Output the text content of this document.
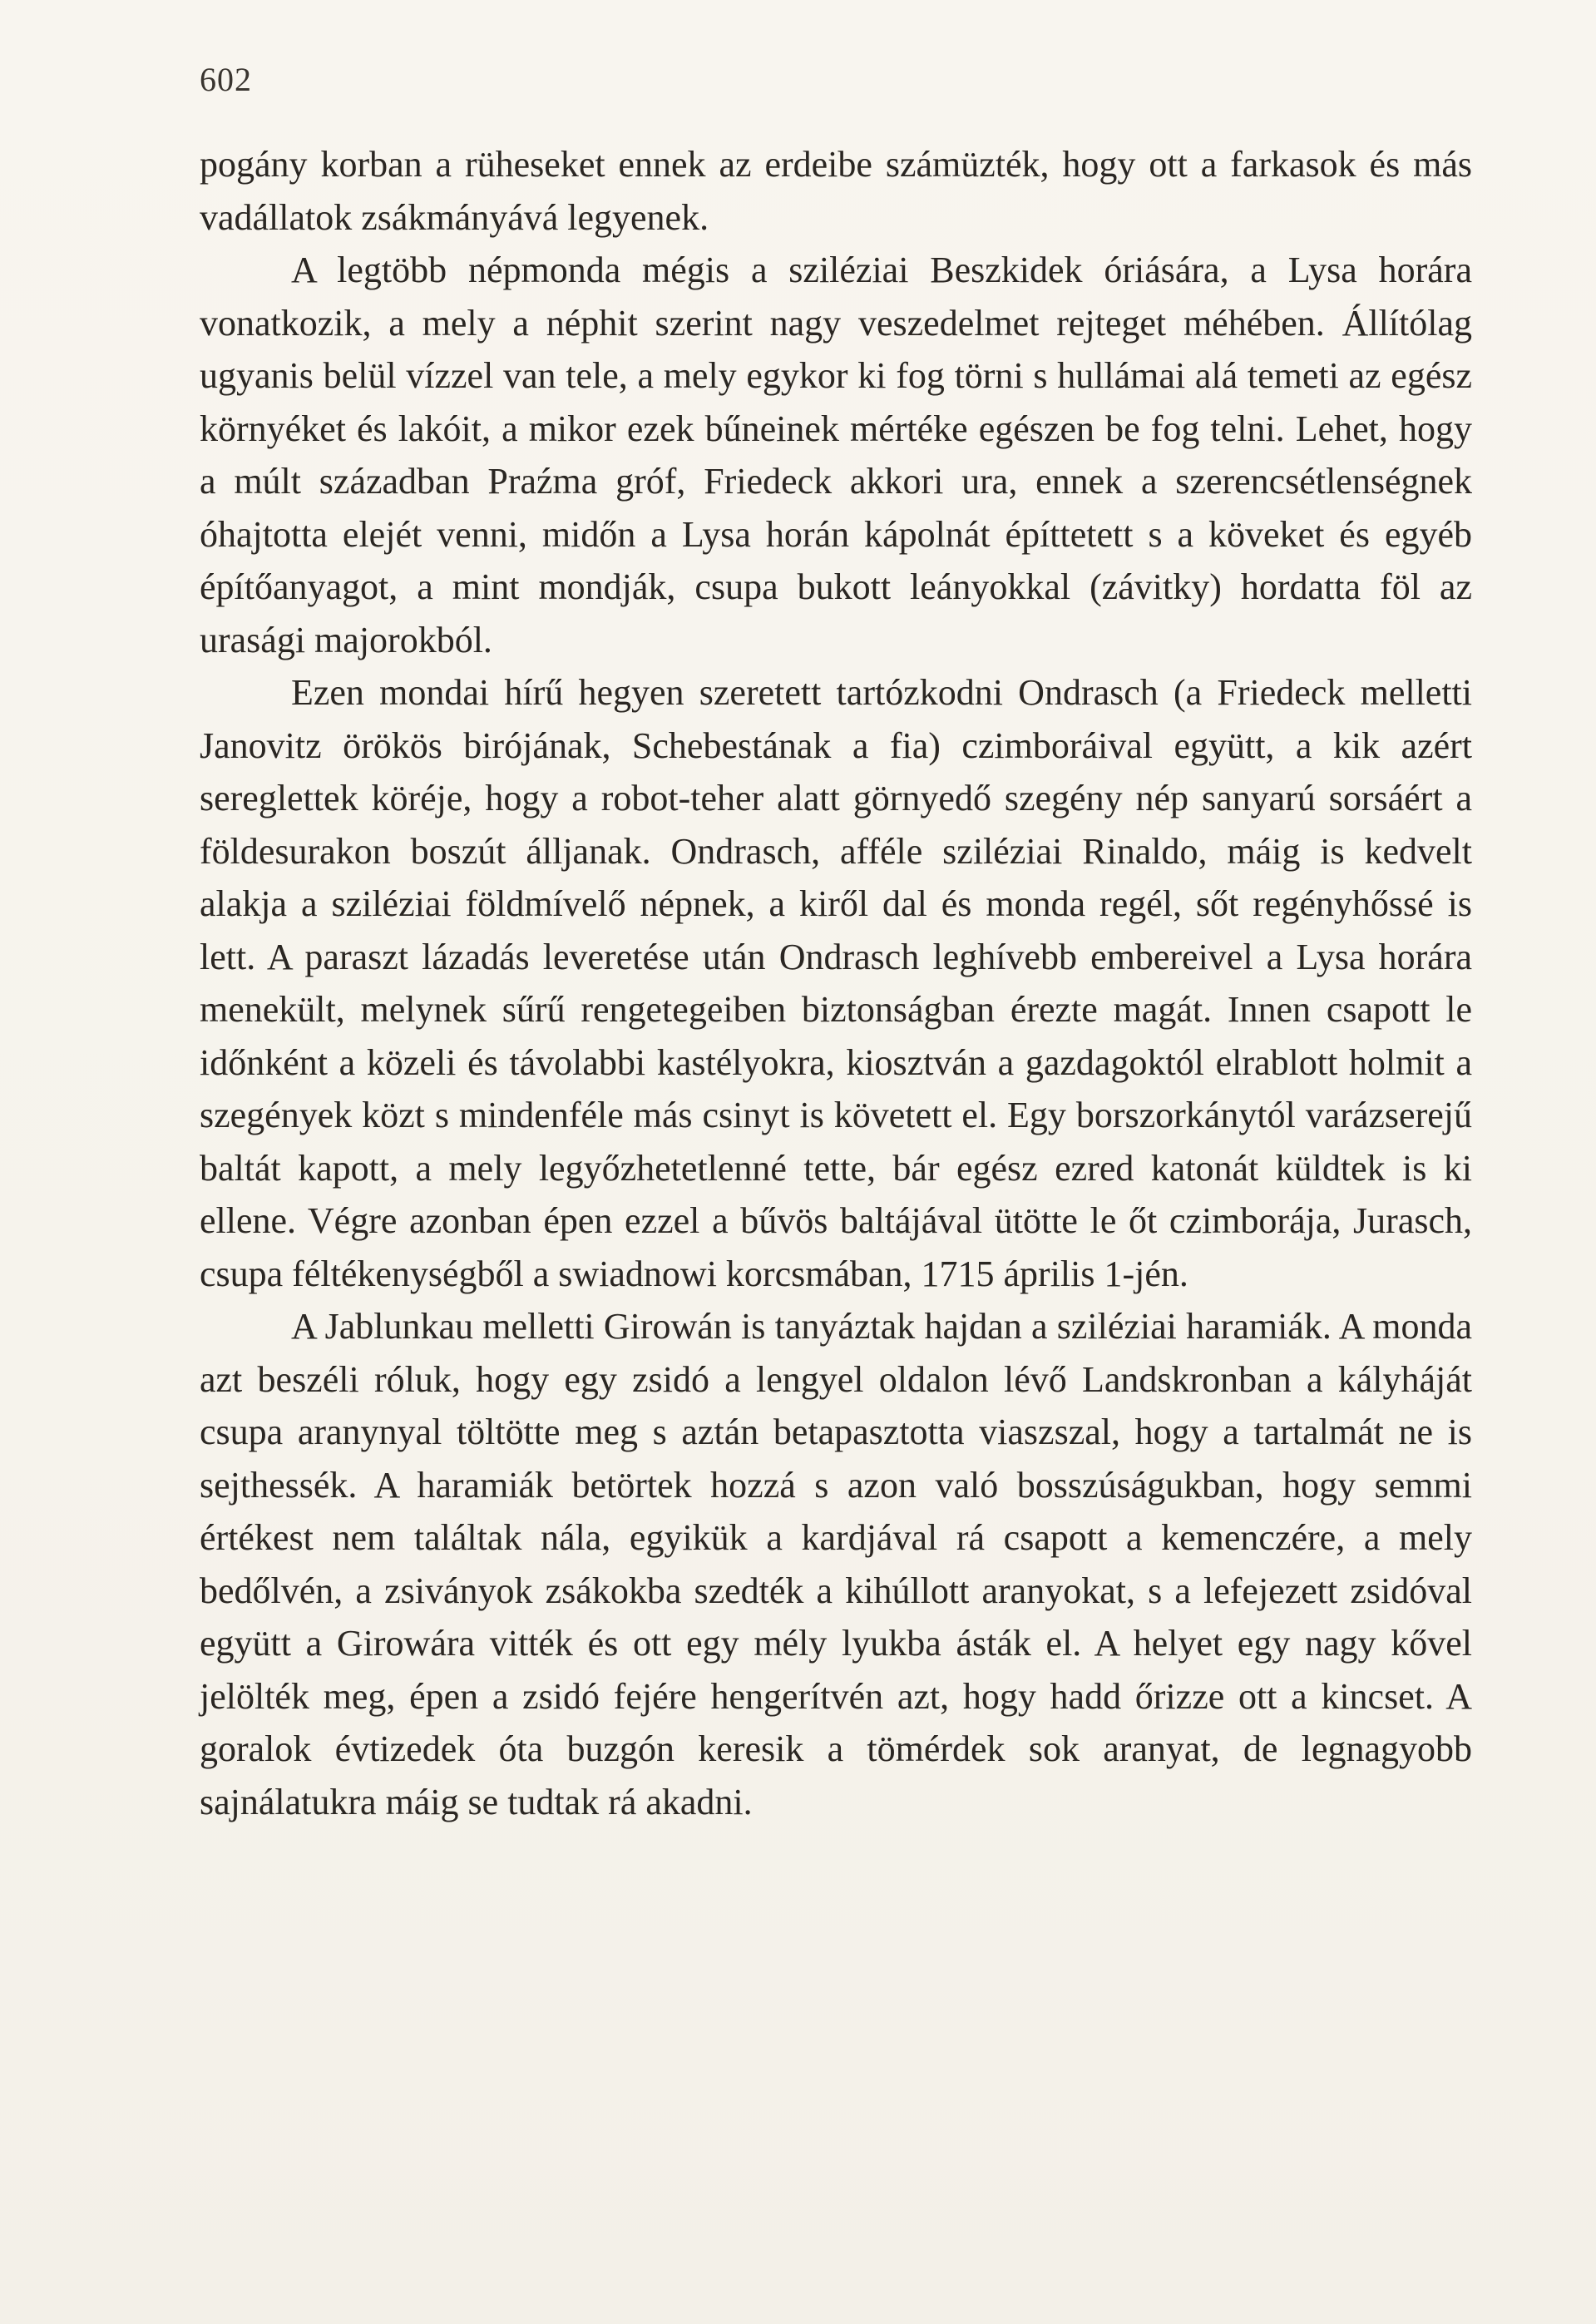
602

pogány korban a rüheseket ennek az erdeibe számüzték, hogy ott a farkasok és más vadállatok zsákmányává legyenek.

A legtöbb népmonda mégis a sziléziai Beszkidek óriására, a Lysa horára vonatkozik, a mely a néphit szerint nagy veszedelmet rejteget méhében. Állítólag ugyanis belül vízzel van tele, a mely egykor ki fog törni s hullámai alá temeti az egész környéket és lakóit, a mikor ezek bűneinek mértéke egészen be fog telni. Lehet, hogy a múlt században Praźma gróf, Friedeck akkori ura, ennek a szerencsétlenségnek óhajtotta elejét venni, midőn a Lysa horán kápolnát építtetett s a köveket és egyéb építőanyagot, a mint mondják, csupa bukott leányokkal (závitky) hordatta föl az urasági majorokból.

Ezen mondai hírű hegyen szeretett tartózkodni Ondrasch (a Friedeck melletti Janovitz örökös birójának, Schebestának a fia) czimboráival együtt, a kik azért sereglettek köréje, hogy a robot-teher alatt görnyedő szegény nép sanyarú sorsáért a földesurakon boszút álljanak. Ondrasch, afféle sziléziai Rinaldo, máig is kedvelt alakja a sziléziai földmívelő népnek, a kiről dal és monda regél, sőt regényhőssé is lett. A paraszt lázadás leveretése után Ondrasch leghívebb embereivel a Lysa horára menekült, melynek sűrű rengetegeiben biztonságban érezte magát. Innen csapott le időnként a közeli és távolabbi kastélyokra, kiosztván a gazdagoktól elrablott holmit a szegények közt s mindenféle más csinyt is követett el. Egy borszorkánytól varázserejű baltát kapott, a mely legyőzhetetlenné tette, bár egész ezred katonát küldtek is ki ellene. Végre azonban épen ezzel a bűvös baltájával ütötte le őt czimborája, Jurasch, csupa féltékenységből a swiadnowi korcsmában, 1715 április 1-jén.

A Jablunkau melletti Girowán is tanyáztak hajdan a sziléziai haramiák. A monda azt beszéli róluk, hogy egy zsidó a lengyel oldalon lévő Landskronban a kályháját csupa aranynyal töltötte meg s aztán betapasztotta viaszszal, hogy a tartalmát ne is sejthessék. A haramiák betörtek hozzá s azon való bosszúságukban, hogy semmi értékest nem találtak nála, egyikük a kardjával rá csapott a kemenczére, a mely bedőlvén, a zsiványok zsákokba szedték a kihúllott aranyokat, s a lefejezett zsidóval együtt a Girowára vitték és ott egy mély lyukba ásták el. A helyet egy nagy kővel jelölték meg, épen a zsidó fejére hengerítvén azt, hogy hadd őrizze ott a kincset. A goralok évtizedek óta buzgón keresik a tömérdek sok aranyat, de legnagyobb sajnálatukra máig se tudtak rá akadni.
